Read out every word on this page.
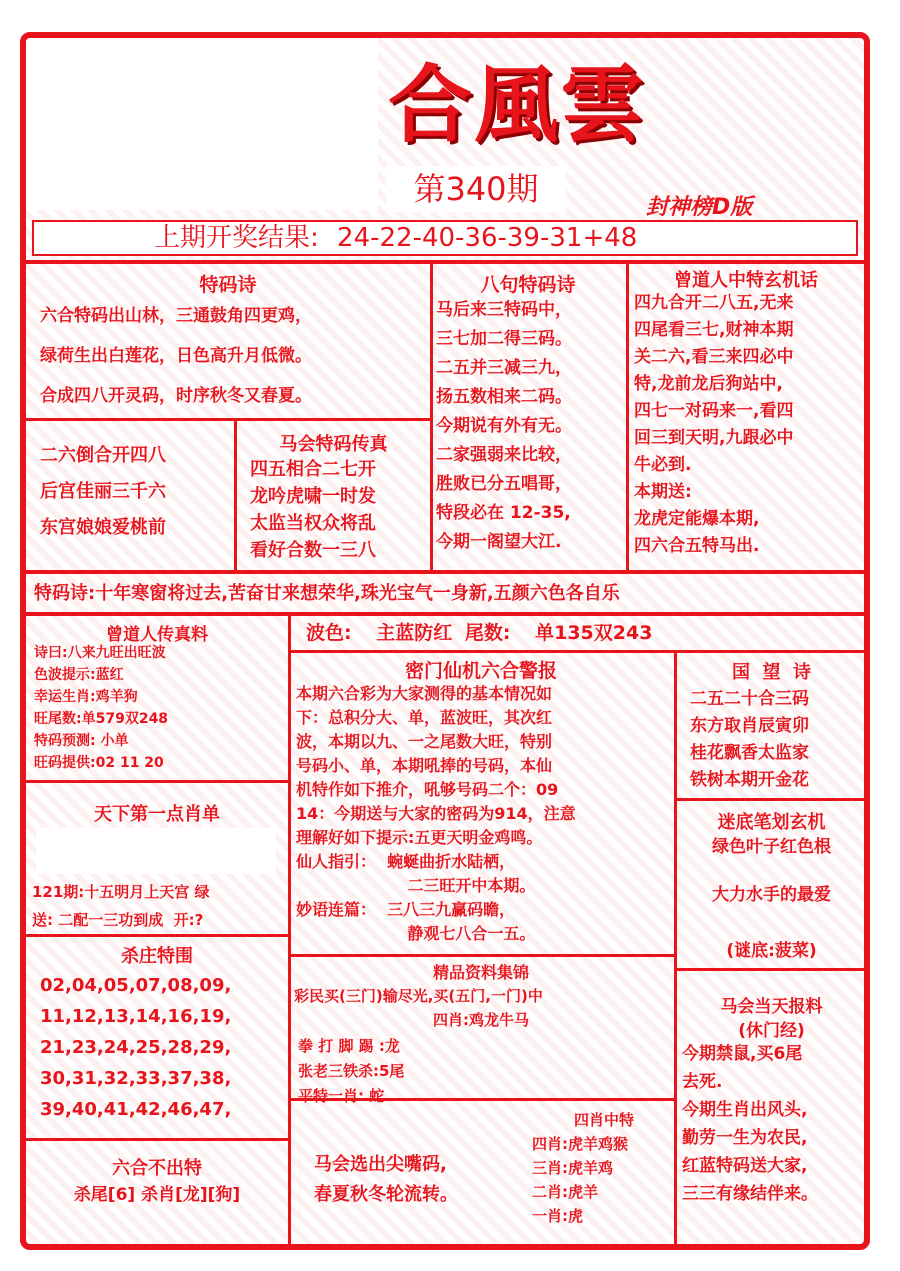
合風雲
第340期	封神榜D版
上期开奖结果: 24-22-40-36-39-31+48
特码诗
六合特码出山林，三通鼓角四更鸡，
绿荷生出白莲花，日色高升月低微。
合成四八开灵码，时序秋冬又春夏。
八句特码诗
马后来三特码中，
三七加二得三码。
二五并三减三九，
扬五数相来二码。
今期说有外有无。
二家强弱来比较，
胜败已分五唱哥，
特段必在 12-35,
今期一阁望大江.
曾道人中特玄机话
四九合开二八五,无来
四尾看三七,财神本期
关二六,看三来四必中
特,龙前龙后狗站中,
四七一对码来一,看四
回三到天明,九跟必中
牛必到.
本期送:
龙虎定能爆本期,
四六合五特马出.
二六倒合开四八
后宫佳丽三千六
东宫娘娘爱桃前
马会特码传真
四五相合二七开
龙吟虎啸一时发
太监当权众将乱
看好合数一三八
特码诗:十年寒窗将过去,苦奋甘来想荣华,珠光宝气一身新,五颜六色各自乐
曾道人传真料
诗曰:八来九旺出旺波
色波提示:蓝红
幸运生肖:鸡羊狗
旺尾数:单579双248
特码预测: 小单
旺码提供:02 11 20
波色: 主蓝防红 尾数: 单135双243
密门仙机六合警报
本期六合彩为大家测得的基本情况如
下：总积分大、单，蓝波旺，其次红
波，本期以九、一之尾数大旺，特别
号码小、单，本期吼捧的号码，本仙
机特作如下推介，吼够号码二个：09
14：今期送与大家的密码为914，注意
理解好如下提示:五更天明金鸡鸣。
仙人指引：  蜿蜒曲折水陆栖，
二三旺开中本期。
妙语连篇：  三八三九赢码瞻，
静观七八合一五。
国  望  诗
二五二十合三码
东方取肖辰寅卯
桂花飘香太监家
铁树本期开金花
天下第一点肖单
121期:十五明月上天宫 绿
送: 二配一三功到成  开:?
迷底笔划玄机
绿色叶子红色根
大力水手的最爱
(谜底:菠菜)
杀庄特围
02,04,05,07,08,09,
11,12,13,14,16,19,
21,23,24,25,28,29,
30,31,32,33,37,38,
39,40,41,42,46,47,
精品资料集锦
彩民买(三门)输尽光,买(五门,一门)中
四肖:鸡龙牛马
拳 打 脚 踢 :龙
张老三铁杀:5尾
平特一肖: 蛇
马会当天报料
(休门经)
今期禁鼠,买6尾
去死.
今期生肖出风头,
勤劳一生为农民,
红蓝特码送大家,
三三有缘结伴来。
六合不出特
杀尾[6] 杀肖[龙][狗]
马会选出尖嘴码,
春夏秋冬轮流转。
四肖中特
四肖:虎羊鸡猴
三肖:虎羊鸡
二肖:虎羊
一肖:虎
